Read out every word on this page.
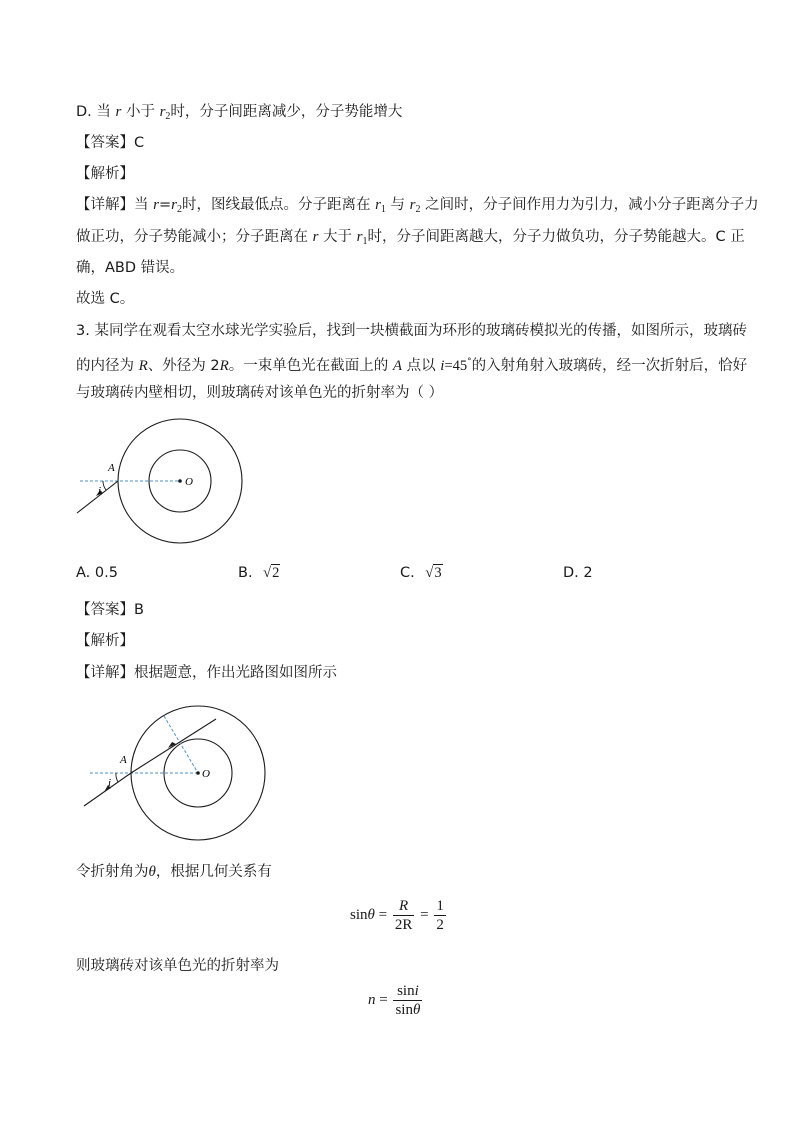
D. 当 r 小于 $r_2$时，分子间距离减少，分子势能增大
【答案】C
【解析】
【详解】当 $r=r_2$时，图线最低点。分子距离在 $r_1$ 与 $r_2$ 之间时，分子间作用力为引力，减小分子距离分子力
做正功，分子势能减小；分子距离在 r 大于 $r_1$时，分子间距离越大，分子力做负功，分子势能越大。C 正
确，ABD 错误。
故选 C。
3. 某同学在观看太空水球光学实验后，找到一块横截面为环形的玻璃砖模拟光的传播，如图所示，玻璃砖
的内径为 R、外径为 2R。一束单色光在截面上的 A 点以 i=45°的入射角射入玻璃砖，经一次折射后，恰好
与玻璃砖内壁相切，则玻璃砖对该单色光的折射率为（ ）
A
i
O
A. 0.5	B. √2	C. √3	D. 2
【答案】B
【解析】
【详解】根据题意，作出光路图如图所示
A
i
O
令折射角为θ，根据几何关系有
$\sin\theta = \frac{R}{2R} = \frac{1}{2}$
则玻璃砖对该单色光的折射率为
$n = \frac{\sin i}{\sin\theta}$
